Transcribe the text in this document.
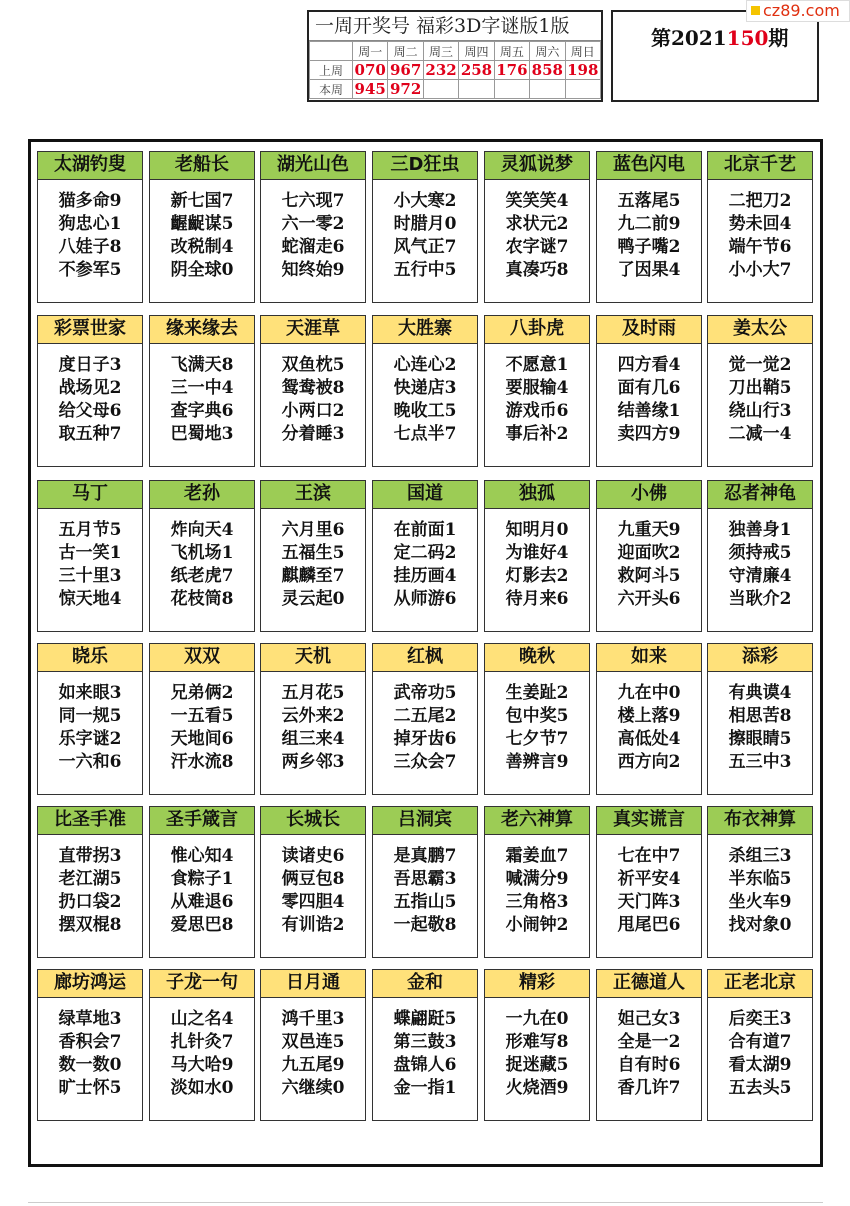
一周开奖号 福彩3D字谜版1版
	周一	周二	周三	周四	周五	周六	周日
上周	070	967	232	258	176	858	198
本周	945	972					
第2021150期
cz89.com
太湖钓叟
猫多命9
狗忠心1
八娃子8
不参军5
老船长
新七国7
齷齪谋5
改税制4
阴全球0
湖光山色
七六现7
六一零2
蛇溜走6
知终始9
三D狂虫
小大寒2
时腊月0
风气正7
五行中5
灵狐说梦
笑笑笑4
求状元2
农字谜7
真凑巧8
蓝色闪电
五落尾5
九二前9
鸭子嘴2
了因果4
北京千艺
二把刀2
势未回4
端午节6
小小大7
彩票世家
度日子3
战场见2
给父母6
取五种7
缘来缘去
飞满天8
三一中4
查字典6
巴蜀地3
天涯草
双鱼枕5
鸳鸯被8
小两口2
分着睡3
大胜寨
心连心2
快递店3
晚收工5
七点半7
八卦虎
不愿意1
要服输4
游戏币6
事后补2
及时雨
四方看4
面有几6
结善缘1
卖四方9
姜太公
觉一觉2
刀出鞘5
绕山行3
二减一4
马丁
五月节5
古一笑1
三十里3
惊天地4
老孙
炸向天4
飞机场1
纸老虎7
花枝筒8
王滨
六月里6
五福生5
麒麟至7
灵云起0
国道
在前面1
定二码2
挂历画4
从师游6
独孤
知明月0
为谁好4
灯影去2
待月来6
小佛
九重天9
迎面吹2
救阿斗5
六开头6
忍者神龟
独善身1
须持戒5
守清廉4
当耿介2
晓乐
如来眼3
同一规5
乐字谜2
一六和6
双双
兄弟俩2
一五看5
天地间6
汗水流8
天机
五月花5
云外来2
组三来4
两乡邻3
红枫
武帝功5
二五尾2
掉牙齿6
三众会7
晚秋
生姜趾2
包中奖5
七夕节7
善辨言9
如来
九在中0
楼上落9
高低处4
西方向2
添彩
有典谟4
相思苦8
擦眼睛5
五三中3
比圣手准
直带拐3
老江湖5
扔口袋2
摆双棍8
圣手箴言
惟心知4
食粽子1
从难退6
爱思巴8
长城长
读诸史6
俩豆包8
零四胆4
有训诰2
吕洞宾
是真鹏7
吾思霸3
五指山5
一起敬8
老六神算
霜姜血7
喊满分9
三角格3
小闹钟2
真实谎言
七在中7
祈平安4
天门阵3
甩尾巴6
布衣神算
杀组三3
半东临5
坐火车9
找对象0
廊坊鸿运
绿草地3
香积会7
数一数0
旷士怀5
子龙一句
山之名4
扎针灸7
马大哈9
淡如水0
日月通
鸿千里3
双邑连5
九五尾9
六继续0
金和
蝶翩跹5
第三鼓3
盘锦人6
金一指1
精彩
一九在0
形难写8
捉迷藏5
火烧酒9
正德道人
妲己女3
全是一2
自有时6
香几许7
正老北京
后奕王3
合有道7
看太湖9
五去头5
